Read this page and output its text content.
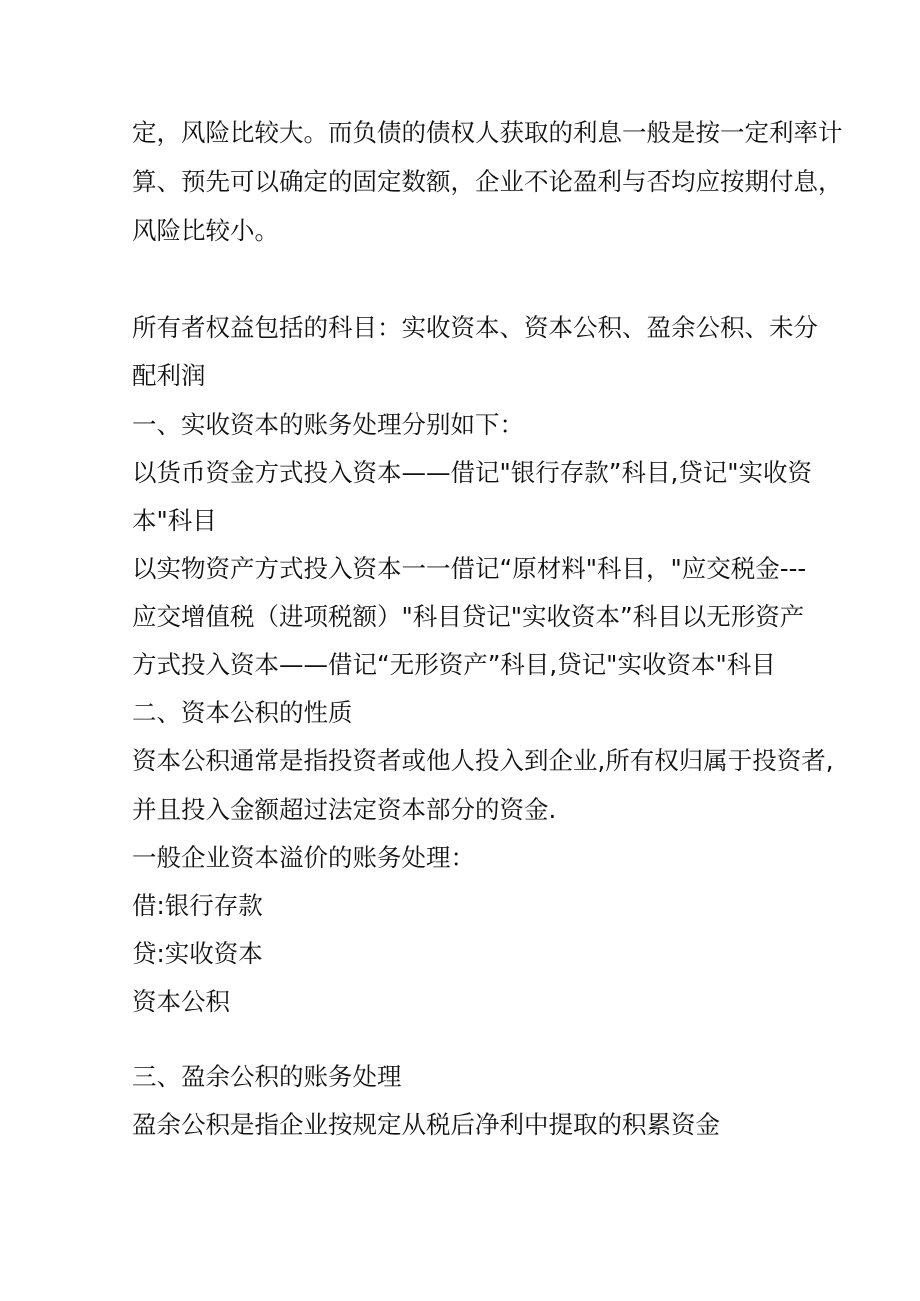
定，风险比较大。而负债的债权人获取的利息一般是按一定利率计
算、预先可以确定的固定数额，企业不论盈利与否均应按期付息，
风险比较小。
所有者权益包括的科目：实收资本、资本公积、盈余公积、未分
配利润
一、实收资本的账务处理分别如下：
以货币资金方式投入资本——借记"银行存款”科目,贷记"实收资
本"科目
以实物资产方式投入资本一一借记“原材料"科目，"应交税金---
应交增值税（进项税额）"科目贷记"实收资本”科目以无形资产
方式投入资本——借记“无形资产”科目,贷记"实收资本"科目
二、资本公积的性质
资本公积通常是指投资者或他人投入到企业,所有权归属于投资者,
并且投入金额超过法定资本部分的资金.
一般企业资本溢价的账务处理：
借:银行存款
贷:实收资本
资本公积
三、盈余公积的账务处理
盈余公积是指企业按规定从税后净利中提取的积累资金
